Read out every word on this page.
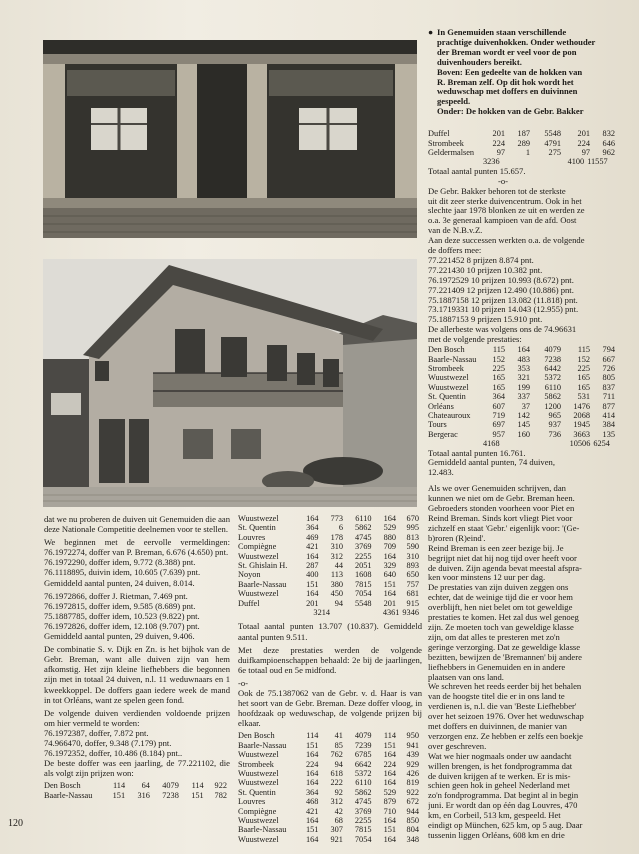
dat we nu proberen de duiven uit Genemuiden die aan deze Nationale Competitie deelnemen voor te stellen.

We beginnen met de eervolle vermeldingen: 76.1972274, doffer van P. Breman, 6.676 (4.650) pnt.

76.1972290, doffer idem, 9.772 (8.388) pnt.

76.1118895, duivin idem, 10.605 (7.639) pnt.

Gemiddeld aantal punten, 24 duiven, 8.014.

76.1972866, doffer J. Rietman, 7.469 pnt.

76.1972815, doffer idem, 9.585 (8.689) pnt.

75.1887785, doffer idem, 10.523 (9.822) pnt.

76.1972826, doffer idem, 12.108 (9.707) pnt.

Gemiddeld aantal punten, 29 duiven, 9.406.

De combinatie S. v. Dijk en Zn. is het bijhok van de Gebr. Breman, want alle duiven zijn van hem afkomstig. Het zijn kleine liefhebbers die begonnen zijn met in totaal 24 duiven, n.l. 11 weduwnaars en 1 kweekkoppel. De doffers gaan iedere week de mand in tot Orléans, want ze spelen geen fond.

De volgende duiven verdienden voldoende prijzen om hier vermeld te worden:

76.1972387, doffer, 7.872 pnt.

74.966470, doffer, 9.348 (7.179) pnt.

76.1972352, doffer, 10.486 (8.184) pnt..

De beste doffer was een jaarling, de 77.221102, die als volgt zijn prijzen won:

Den Bosch	114	64	4079	114	922
Baarle-Nassau	151	316	7238	151	782
Wuustwezel	164	773	6110	164	670
St. Quentin	364	6	5862	529	995
Louvres	469	178	4745	880	813
Compiègne	421	310	3769	709	590
Wuustwezel	164	312	2255	164	310
St. Ghislain H.	287	44	2051	329	893
Noyon	400	113	1608	640	650
Baarle-Nassau	151	380	7815	151	757
Wuustwezel	164	450	7054	164	681
Duffel	201	94	5548	201	915
	3214		4361	9346

Totaal aantal punten 13.707 (10.837). Gemiddeld aantal punten 9.511.

Met deze prestaties werden de volgende duifkampioenschappen behaald: 2e bij de jaarlingen, 6e totaal oud en 5e midfond.

-o-

Ook de 75.1387062 van de Gebr. v. d. Haar is van het soort van de Gebr. Breman. Deze doffer vloog, in hoofdzaak op weduwschap, de volgende prijzen bij elkaar.

Den Bosch	114	41	4079	114	950
Baarle-Nassau	151	85	7239	151	941
Wuustwezel	164	762	6785	164	439
Strombeek	224	94	6642	224	929
Wuustwezel	164	618	5372	164	426
Wuustwezel	164	222	6110	164	819
St. Quentin	364	92	5862	529	922
Louvres	468	312	4745	879	672
Compiègne	421	42	3769	710	944
Wuustwezel	164	68	2255	164	850
Baarle-Nassau	151	307	7815	151	804
Wuustwezel	164	921	7054	164	348
● In Genemuiden staan verschillende
prachtige duivenhokken. Onder wethouder
der Breman wordt er veel voor de pon
duivenhouders bereikt.
Boven: Een gedeelte van de hokken van
R. Breman zelf. Op dit hok wordt het
weduwschap met doffers en duivinnen
gespeeld.
Onder: De hokken van de Gebr. Bakker
Duffel	201	187	5548	201	832
Strombeek	224	289	4791	224	646
Geldermalsen	97	1	275	97	962
	3236		4100	11557
Totaal aantal punten 15.657.
-o-
De Gebr. Bakker behoren tot de sterkste
uit dit zeer sterke duivencentrum. Ook in het
slechte jaar 1978 blonken ze uit en werden ze
o.a. 3e generaal kampioen van de afd. Oost
van de N.B.v.Z.
Aan deze successen werkten o.a. de volgende
de doffers mee:
77.221452 8 prijzen 8.874 pnt.
77.221430 10 prijzen 10.382 pnt.
76.1972529 10 prijzen 10.993 (8.672) pnt.
77.221409 12 prijzen 12.490 (10.886) pnt.
75.1887158 12 prijzen 13.082 (11.818) pnt.
73.1719331 10 prijzen 14.043 (12.955) pnt.
75.1887153 9 prijzen 15.910 pnt.
De allerbeste was volgens ons de 74.96631
met de volgende prestaties:
Den Bosch	115	164	4079	115	794
Baarle-Nassau	152	483	7238	152	667
Strombeek	225	353	6442	225	726
Wuustwezel	165	321	5372	165	805
Wuustwezel	165	199	6110	165	837
St. Quentin	364	337	5862	531	711
Orléans	607	37	1200	1476	877
Chateauroux	719	142	965	2068	414
Tours	697	145	937	1945	384
Bergerac	957	160	736	3663	135
	4168		10506	6254
Totaal aantal punten 16.761.
Gemiddeld aantal punten, 74 duiven,
12.483.
Als we over Genemuiden schrijven, dan
kunnen we niet om de Gebr. Breman heen.
Gebroeders stonden voorheen voor Piet en
Reind Breman. Sinds kort vliegt Piet voor
zichzelf en staat 'Gebr.' eigenlijk voor: '(Ge-
b)roren (R)eind'.
Reind Breman is een zeer bezige bij. Je
begrijpt niet dat hij nog tijd over heeft voor
de duiven. Zijn agenda bevat meestal afspra-
ken voor minstens 12 uur per dag.
De prestaties van zijn duiven zeggen ons
echter, dat de weinige tijd die er voor hem
overblijft, hen niet belet om tot geweldige
prestaties te komen. Het zal dus wel genoeg
zijn. Ze moeten toch van geweldige klasse
zijn, om dat alles te presteren met zo'n
geringe verzorging. Dat ze geweldige klasse
bezitten, bewijzen de 'Bremannen' bij andere
liefhebbers in Genemuiden en in andere
plaatsen van ons land.
We schreven het reeds eerder bij het behalen
van de hoogste titel die er in ons land te
verdienen is, n.l. die van 'Beste Liefhebber'
over het seizoen 1976. Over het weduwschap
met doffers en duivinnen, de manier van
verzorgen enz. Ze hebben er zelfs een boekje
over geschreven.
Wat we hier nogmaals onder uw aandacht
willen brengen, is het fondprogramma dat
de duiven krijgen af te werken. Er is mis-
schien geen hok in geheel Nederland met
zo'n fondprogramma. Dat begint al in begin
juni. Er wordt dan op één dag Louvres, 470
km, en Corbeil, 513 km, gespeeld. Het
eindigt op München, 625 km, op 5 aug. Daar
tussenin liggen Orléans, 608 km en drie
120
